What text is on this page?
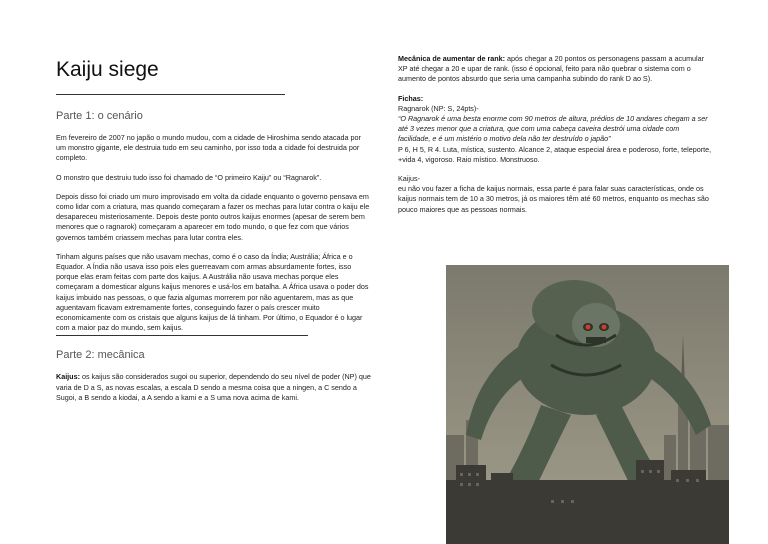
Kaiju siege
Parte 1: o cenário

Em fevereiro de 2007 no japão o mundo mudou, com a cidade de Hiroshima sendo atacada por um monstro gigante, ele destruia tudo em seu caminho, por isso toda a cidade foi destruida por completo.

O monstro que destruiu tudo isso foi chamado de “O primeiro Kaiju” ou “Ragnarok”.

Depois disso foi criado um muro improvisado em volta da cidade enquanto o governo pensava em como lidar com a criatura, mas quando começaram a fazer os mechas para lutar contra o kaiju ele desapareceu misteriosamente. Depois deste ponto outros kaijus enormes (apesar de serem bem menores que o ragnarok) começaram a aparecer em todo mundo, o que fez com que vários governos também criassem mechas para lutar contra eles.

Tinham alguns países que não usavam mechas, como é o caso da Índia; Austrália; África e o Equador. A Índia não usava isso pois eles guerreavam com armas absurdamente fortes, isso porque elas eram feitas com parte dos kaijus. A Austrália não usava mechas porque eles começaram a domesticar alguns kaijus menores e usá-los em batalha. A África usava o poder dos kaijus imbuido nas pessoas, o que fazia algumas morrerem por não aguentarem, mas as que aguentavam ficavam extremamente fortes, conseguindo fazer o país crescer muito economicamente com os cristais que alguns kaijus de lá tinham. Por último, o Equador é o lugar com a maior paz do mundo, sem kaijus.

Parte 2: mecânica

Kaijus: os kaijus são considerados sugoi ou superior, dependendo do seu nível de poder (NP) que varia de D a S, as novas escalas, a escala D sendo a mesma coisa que a ningen, a C sendo a Sugoi, a B sendo a kiodai, a A sendo a kami e a S uma nova acima de kami.

Mecânica de aumentar de rank: após chegar a 20 pontos os personagens passam a acumular XP até chegar a 20 e upar de rank. (isso é opcional, feito para não quebrar o sistema com o aumento de pontos absurdo que seria uma campanha subindo do rank D ao S).

Fichas:

Ragnarok (NP: S, 24pts)-

“O Ragnarok é uma besta enorme com 90 metros de altura, prédios de 10 andares chegam a ser até 3 vezes menor que a criatura, que com uma cabeça caveira destrói uma cidade com facilidade, e é um mistério o motivo dela não ter destruído o japão”

P 6, H 5, R 4. Luta, mística, sustento. Alcance 2, ataque especial área e poderoso, forte, teleporte, +vida 4, vigoroso. Raio místico. Monstruoso.

Kaijus-

eu não vou fazer a ficha de kaijus normais, essa parte é para falar suas características, onde os kaijus normais tem de 10 a 30 metros, já os maiores têm até 60 metros, enquanto os mechas são pouco maiores que as pessoas normais.
